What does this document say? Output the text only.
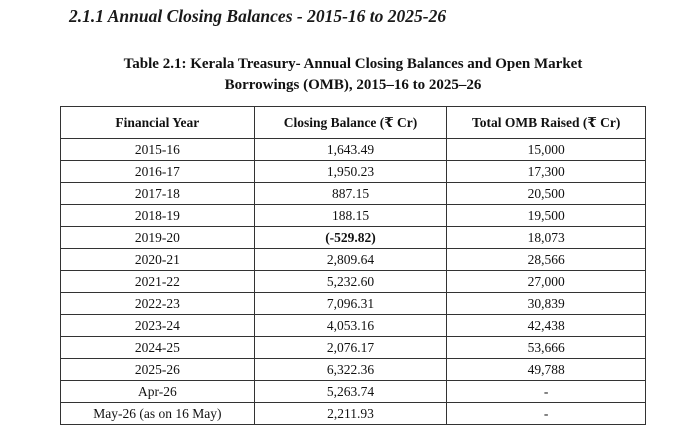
2.1.1 Annual Closing Balances - 2015-16 to 2025-26
Table 2.1: Kerala Treasury- Annual Closing Balances and Open Market
Borrowings (OMB), 2015–16 to 2025–26
Financial Year	Closing Balance (₹ Cr)	Total OMB Raised (₹ Cr)
2015-16	1,643.49	15,000
2016-17	1,950.23	17,300
2017-18	887.15	20,500
2018-19	188.15	19,500
2019-20	(-529.82)	18,073
2020-21	2,809.64	28,566
2021-22	5,232.60	27,000
2022-23	7,096.31	30,839
2023-24	4,053.16	42,438
2024-25	2,076.17	53,666
2025-26	6,322.36	49,788
Apr-26	5,263.74	-
May-26 (as on 16 May)	2,211.93	-
